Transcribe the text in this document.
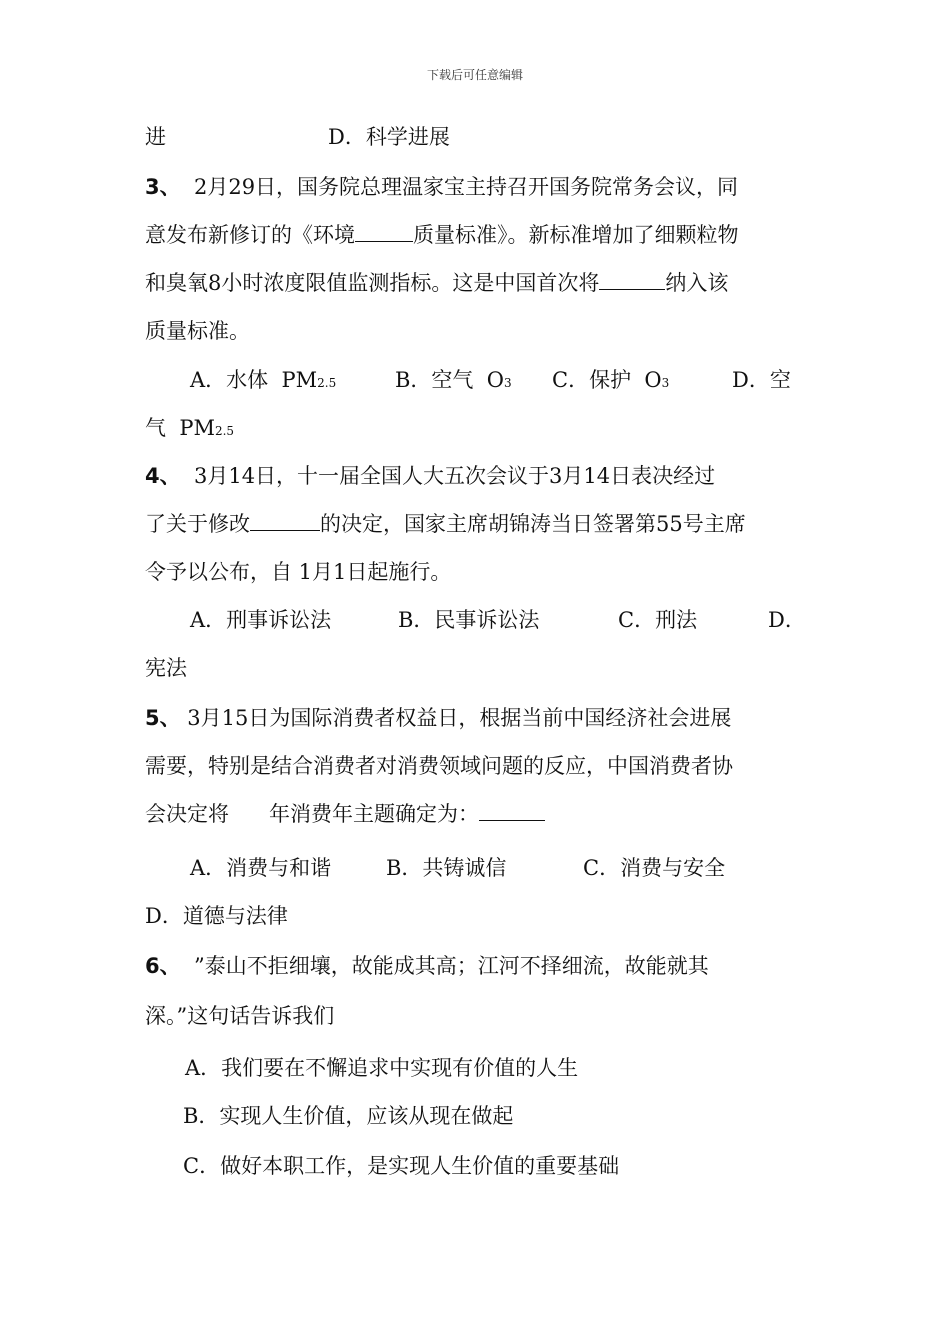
下载后可任意编辑
进	D．科学进展
3、  2月29日，国务院总理温家宝主持召开国务院常务会议，同
意发布新修订的《环境	质量标准》。新标准增加了细颗粒物
和臭氧8小时浓度限值监测指标。这是中国首次将	纳入该
质量标准。
A．水体  PM2.5	B．空气  O3 C．保护  O3	D．空
气  PM2.5
4、  3月14日，十一届全国人大五次会议于3月14日表决经过
了关于修改	的决定，国家主席胡锦涛当日签署第55号主席
令予以公布，自 1月1日起施行。
A．刑事诉讼法	B．民事诉讼法	C．刑法	D．
宪法
5、 3月15日为国际消费者权益日，根据当前中国经济社会进展
需要，特别是结合消费者对消费领域问题的反应，中国消费者协
会决定将      年消费年主题确定为：
A．消费与和谐	B．共铸诚信	C．消费与安全
D．道德与法律
6、  ”泰山不拒细壤，故能成其高；江河不择细流，故能就其
深。”这句话告诉我们
A．我们要在不懈追求中实现有价值的人生
B．实现人生价值，应该从现在做起
C．做好本职工作，是实现人生价值的重要基础
